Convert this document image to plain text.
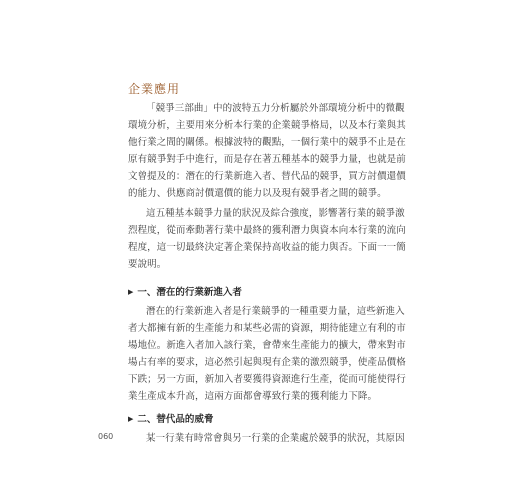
企業應用

「競爭三部曲」中的波特五力分析屬於外部環境分析中的微觀

環境分析，主要用來分析本行業的企業競爭格局，以及本行業與其

他行業之間的關係。根據波特的觀點，一個行業中的競爭不止是在

原有競爭對手中進行，而是存在著五種基本的競爭力量，也就是前

文曾提及的：潛在的行業新進入者、替代品的競爭，買方討價還價

的能力、供應商討價還價的能力以及現有競爭者之間的競爭。

這五種基本競爭力量的狀況及綜合強度，影響著行業的競爭激

烈程度，從而牽動著行業中最終的獲利潛力與資本向本行業的流向

程度，這一切最終決定著企業保持高收益的能力與否。下面一一簡

要說明。

▶ 一、潛在的行業新進入者

潛在的行業新進入者是行業競爭的一種重要力量，這些新進入

者大都擁有新的生產能力和某些必需的資源，期待能建立有利的市

場地位。新進入者加入該行業，會帶來生產能力的擴大，帶來對市

場占有率的要求，這必然引起與現有企業的激烈競爭，使產品價格

下跌；另一方面，新加入者要獲得資源進行生產，從而可能使得行

業生產成本升高，這兩方面都會導致行業的獲利能力下降。

▶ 二、替代品的威脅

某一行業有時常會與另一行業的企業處於競爭的狀況，其原因

060
